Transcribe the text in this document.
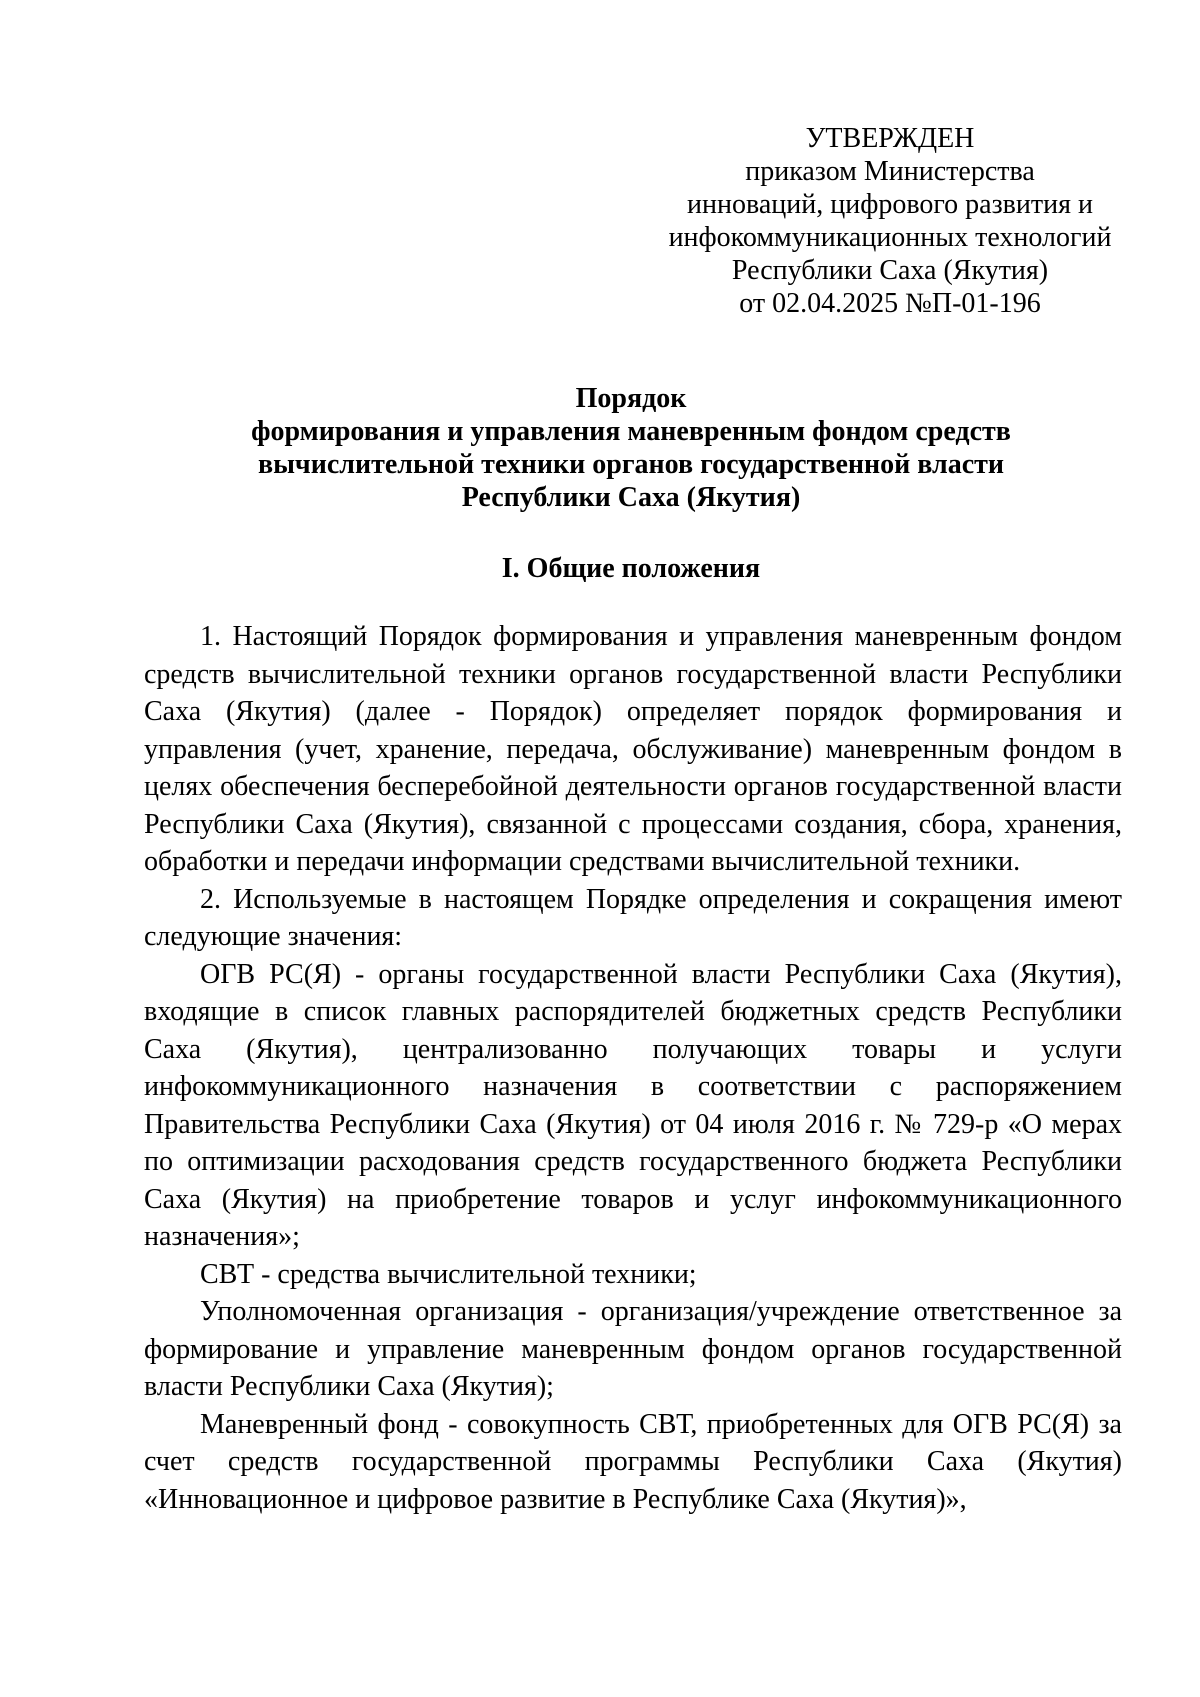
УТВЕРЖДЕН
приказом Министерства
инноваций, цифрового развития и
инфокоммуникационных технологий
Республики Саха (Якутия)
от 02.04.2025 №П-01-196
Порядок
формирования и управления маневренным фондом средств
вычислительной техники органов государственной власти
Республики Саха (Якутия)
I. Общие положения

1. Настоящий Порядок формирования и управления маневренным фондом средств вычислительной техники органов государственной власти Республики Саха (Якутия) (далее - Порядок) определяет порядок формирования и управления (учет, хранение, передача, обслуживание) маневренным фондом в целях обеспечения бесперебойной деятельности органов государственной власти Республики Саха (Якутия), связанной с процессами создания, сбора, хранения, обработки и передачи информации средствами вычислительной техники.

2. Используемые в настоящем Порядке определения и сокращения имеют следующие значения:

ОГВ РС(Я) - органы государственной власти Республики Саха (Якутия), входящие в список главных распорядителей бюджетных средств Республики Саха (Якутия), централизованно получающих товары и услуги инфокоммуникационного назначения в соответствии с распоряжением Правительства Республики Саха (Якутия) от 04 июля 2016 г. № 729-р «О мерах по оптимизации расходования средств государственного бюджета Республики Саха (Якутия) на приобретение товаров и услуг инфокоммуникационного назначения»;

СВТ - средства вычислительной техники;

Уполномоченная организация - организация/учреждение ответственное за формирование и управление маневренным фондом органов государственной власти Республики Саха (Якутия);

Маневренный фонд - совокупность СВТ, приобретенных для ОГВ РС(Я) за счет средств государственной программы Республики Саха (Якутия) «Инновационное и цифровое развитие в Республике Саха (Якутия)»,
